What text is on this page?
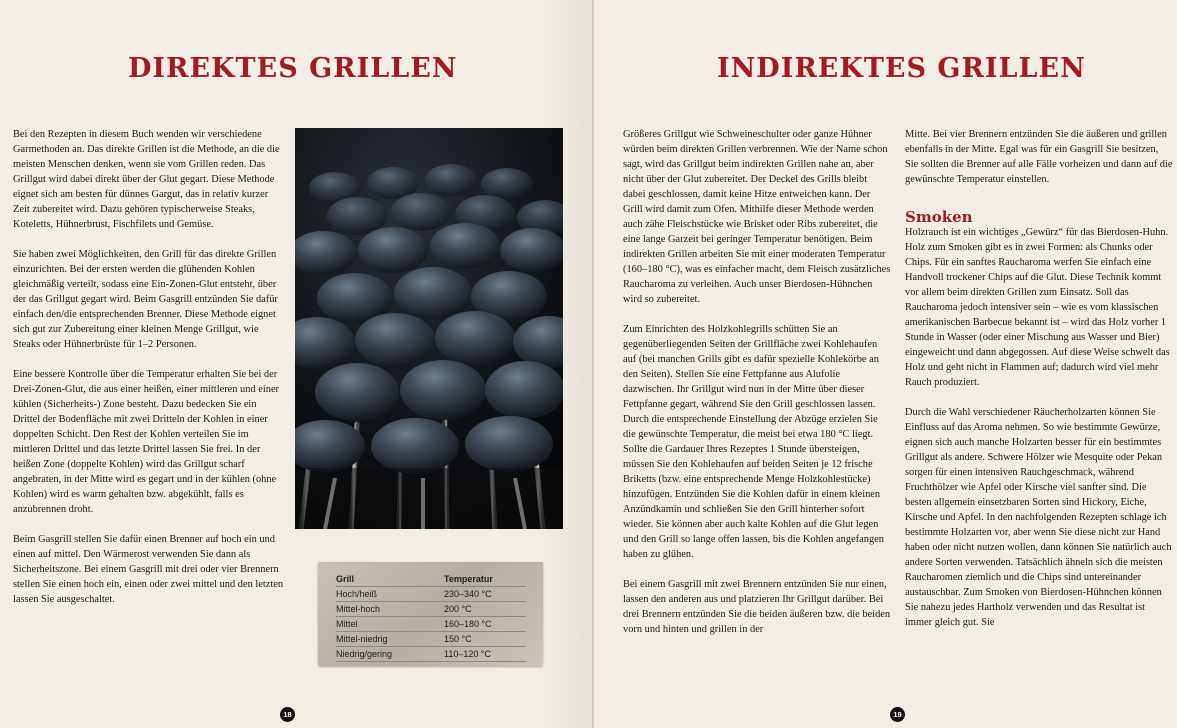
DIREKTES GRILLEN

Bei den Rezepten in diesem Buch wenden wir verschiedene Garmethoden an. Das direkte Grillen ist die Methode, an die die meisten Menschen denken, wenn sie vom Grillen reden. Das Grillgut wird dabei direkt über der Glut gegart. Diese Methode eignet sich am besten für dünnes Gargut, das in relativ kurzer Zeit zubereitet wird. Dazu gehören typischerweise Steaks, Koteletts, Hühnerbrust, Fischfilets und Gemüse.

Sie haben zwei Möglichkeiten, den Grill für das direkte Grillen einzurichten. Bei der ersten werden die glühenden Kohlen gleichmäßig verteilt, sodass eine Ein-Zonen-Glut entsteht, über der das Grillgut gegart wird. Beim Gasgrill entzünden Sie dafür einfach den/die entsprechenden Brenner. Diese Methode eignet sich gut zur Zubereitung einer kleinen Menge Grillgut, wie Steaks oder Hühnerbrüste für 1–2 Personen.

Eine bessere Kontrolle über die Temperatur erhalten Sie bei der Drei-Zonen-Glut, die aus einer heißen, einer mittleren und einer kühlen (Sicherheits-) Zone besteht. Dazu bedecken Sie ein Drittel der Bodenfläche mit zwei Dritteln der Kohlen in einer doppelten Schicht. Den Rest der Kohlen verteilen Sie im mittleren Drittel und das letzte Drittel lassen Sie frei. In der heißen Zone (doppelte Kohlen) wird das Grillgut scharf angebraten, in der Mitte wird es gegart und in der kühlen (ohne Kohlen) wird es warm gehalten bzw. abgekühlt, falls es anzubrennen droht.

Beim Gasgrill stellen Sie dafür einen Brenner auf hoch ein und einen auf mittel. Den Wärmerost verwenden Sie dann als Sicherheitszone. Bei einem Gasgrill mit drei oder vier Brennern stellen Sie einen hoch ein, einen oder zwei mittel und den letzten lassen Sie ausgeschaltet.

Grill	Temperatur
Hoch/heiß	230–340 °C
Mittel-hoch	200 °C
Mittel	160–180 °C
Mittel-niedrig	150 °C
Niedrig/gering	110–120 °C
18
INDIREKTES GRILLEN

Größeres Grillgut wie Schweineschulter oder ganze Hühner würden beim direkten Grillen verbrennen. Wie der Name schon sagt, wird das Grillgut beim indirekten Grillen nahe an, aber nicht über der Glut zubereitet. Der Deckel des Grills bleibt dabei geschlossen, damit keine Hitze entweichen kann. Der Grill wird damit zum Ofen. Mithilfe dieser Methode werden auch zähe Fleischstücke wie Brisket oder Ribs zubereitet, die eine lange Garzeit bei geringer Temperatur benötigen. Beim indirekten Grillen arbeiten Sie mit einer moderaten Temperatur (160–180 °C), was es einfacher macht, dem Fleisch zusätzliches Raucharoma zu verleihen. Auch unser Bierdosen-Hühnchen wird so zubereitet.

Zum Einrichten des Holzkohlegrills schütten Sie an gegenüberliegenden Seiten der Grillfläche zwei Kohlehaufen auf (bei manchen Grills gibt es dafür spezielle Kohlekörbe an den Seiten). Stellen Sie eine Fettpfanne aus Alufolie dazwischen. Ihr Grillgut wird nun in der Mitte über dieser Fettpfanne gegart, während Sie den Grill geschlossen lassen. Durch die entsprechende Einstellung der Abzüge erzielen Sie die gewünschte Temperatur, die meist bei etwa 180 °C liegt. Sollte die Gardauer Ihres Rezeptes 1 Stunde übersteigen, müssen Sie den Kohlehaufen auf beiden Seiten je 12 frische Briketts (bzw. eine entsprechende Menge Holzkohlestücke) hinzufügen. Entzünden Sie die Kohlen dafür in einem kleinen Anzündkamin und schließen Sie den Grill hinterher sofort wieder. Sie können aber auch kalte Kohlen auf die Glut legen und den Grill so lange offen lassen, bis die Kohlen angefangen haben zu glühen.

Bei einem Gasgrill mit zwei Brennern entzünden Sie nur einen, lassen den anderen aus und platzieren Ihr Grillgut darüber. Bei drei Brennern entzünden Sie die beiden äußeren bzw. die beiden vorn und hinten und grillen in der

Mitte. Bei vier Brennern entzünden Sie die äußeren und grillen ebenfalls in der Mitte. Egal was für ein Gasgrill Sie besitzen, Sie sollten die Brenner auf alle Fälle vorheizen und dann auf die gewünschte Temperatur einstellen.

Smoken

Holzrauch ist ein wichtiges „Gewürz“ für das Bierdosen-Huhn. Holz zum Smoken gibt es in zwei Formen: als Chunks oder Chips. Für ein sanftes Raucharoma werfen Sie einfach eine Handvoll trockener Chips auf die Glut. Diese Technik kommt vor allem beim direkten Grillen zum Einsatz. Soll das Raucharoma jedoch intensiver sein – wie es vom klassischen amerikanischen Barbecue bekannt ist – wird das Holz vorher 1 Stunde in Wasser (oder einer Mischung aus Wasser und Bier) eingeweicht und dann abgegossen. Auf diese Weise schwelt das Holz und geht nicht in Flammen auf; dadurch wird viel mehr Rauch produziert.

Durch die Wahl verschiedener Räucherholzarten können Sie Einfluss auf das Aroma nehmen. So wie bestimmte Gewürze, eignen sich auch manche Holzarten besser für ein bestimmtes Grillgut als andere. Schwere Hölzer wie Mesquite oder Pekan sorgen für einen intensiven Rauchgeschmack, während Fruchthölzer wie Apfel oder Kirsche viel sanfter sind. Die besten allgemein einsetzbaren Sorten sind Hickory, Eiche, Kirsche und Apfel. In den nachfolgenden Rezepten schlage ich bestimmte Holzarten vor, aber wenn Sie diese nicht zur Hand haben oder nicht nutzen wollen, dann können Sie natürlich auch andere Sorten verwenden. Tatsächlich ähneln sich die meisten Raucharomen ziemlich und die Chips sind untereinander austauschbar. Zum Smoken von Bierdosen-Hühnchen können Sie nahezu jedes Hartholz verwenden und das Resultat ist immer gleich gut. Sie

19
